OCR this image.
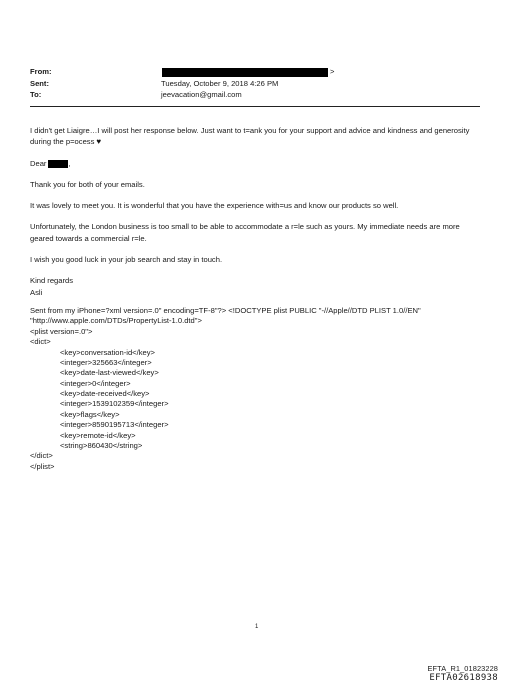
From:	>
Sent:	Tuesday, October 9, 2018 4:26 PM
To:	jeevacation@gmail.com

I didn't get Liaigre…I will post her response below. Just want to t=ank you for your support and advice and kindness and generosity during the p=ocess ♥

Dear	,

Thank you for both of your emails.

It was lovely to meet you. It is wonderful that you have the experience with=us and know our products so well.

Unfortunately, the London business is too small to be able to accommodate a r=le such as yours. My immediate needs are more geared towards a commercial r=le.

I wish you good luck in your job search and stay in touch.

Kind regards
Asli

Sent from my iPhone=?xml version=.0" encoding=TF-8"?> <!DOCTYPE plist PUBLIC "-//Apple//DTD PLIST 1.0//EN"
"http://www.apple.com/DTDs/PropertyList-1.0.dtd">
<plist version=.0">
<dict>
<key>conversation-id</key>
<integer>325663</integer>
<key>date-last-viewed</key>
<integer>0</integer>
<key>date-received</key>
<integer>1539102359</integer>
<key>flags</key>
<integer>8590195713</integer>
<key>remote-id</key>
<string>860430</string>
</dict>
</plist>
1
EFTA_R1_01823228
EFTA02618938
